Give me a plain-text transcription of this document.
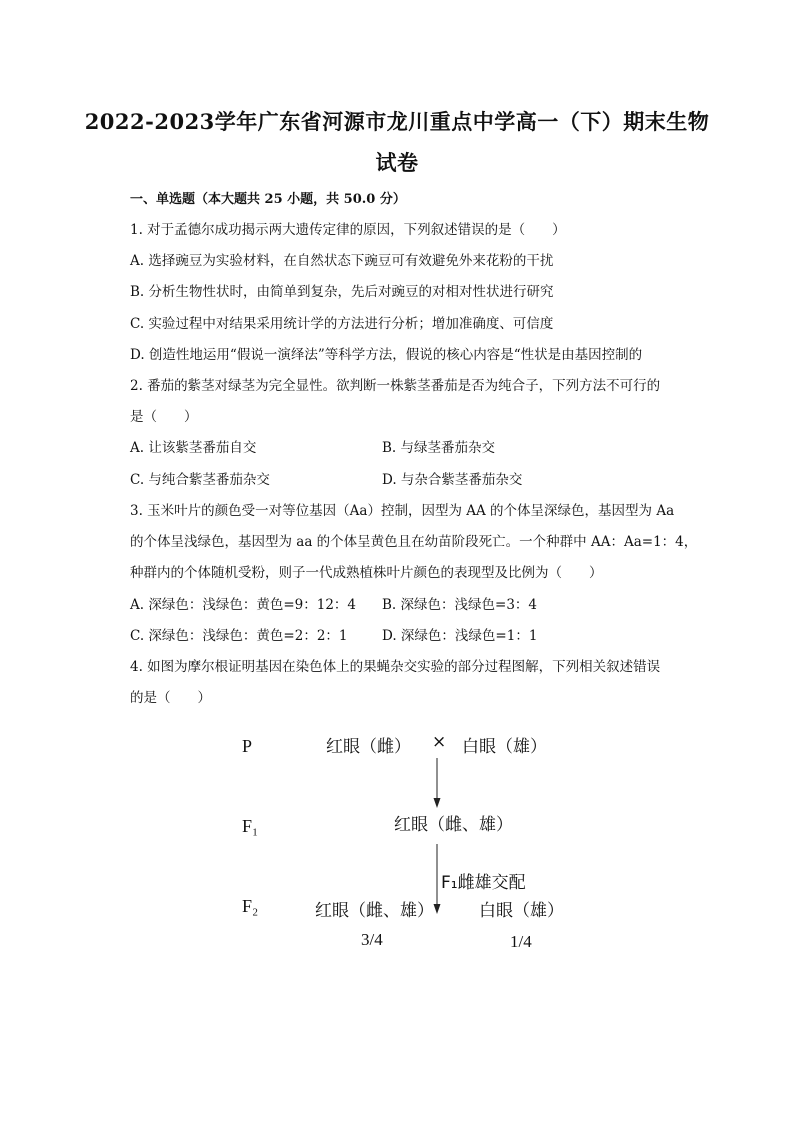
2022-2023学年广东省河源市龙川重点中学高一（下）期末生物
试卷
一、单选题（本大题共 25 小题，共 50.0 分）
1. 对于孟德尔成功揭示两大遗传定律的原因，下列叙述错误的是（　　）
A. 选择豌豆为实验材料，在自然状态下豌豆可有效避免外来花粉的干扰
B. 分析生物性状时，由简单到复杂，先后对豌豆的对相对性状进行研究
C. 实验过程中对结果采用统计学的方法进行分析；增加准确度、可信度
D. 创造性地运用“假说一演绎法”等科学方法，假说的核心内容是“性状是由基因控制的
2. 番茄的紫茎对绿茎为完全显性。欲判断一株紫茎番茄是否为纯合子，下列方法不可行的
是（　　）
A. 让该紫茎番茄自交	B. 与绿茎番茄杂交
C. 与纯合紫茎番茄杂交	D. 与杂合紫茎番茄杂交
3. 玉米叶片的颜色受一对等位基因（Aa）控制，因型为 AA 的个体呈深绿色，基因型为 Aa
的个体呈浅绿色，基因型为 aa 的个体呈黄色且在幼苗阶段死亡。一个种群中 AA：Aa=1：4，
种群内的个体随机受粉，则子一代成熟植株叶片颜色的表现型及比例为（　　）
A. 深绿色：浅绿色：黄色=9：12：4 B. 深绿色：浅绿色=3：4
C. 深绿色：浅绿色：黄色=2：2：1	D. 深绿色：浅绿色=1：1
4. 如图为摩尔根证明基因在染色体上的果蝇杂交实验的部分过程图解，下列相关叙述错误
的是（　　）
P	红眼（雌） × 白眼（雄）
F₁	红眼（雌、雄）
F₁雌雄交配
F₂	红眼（雌、雄）	白眼（雄）
3/4	1/4
